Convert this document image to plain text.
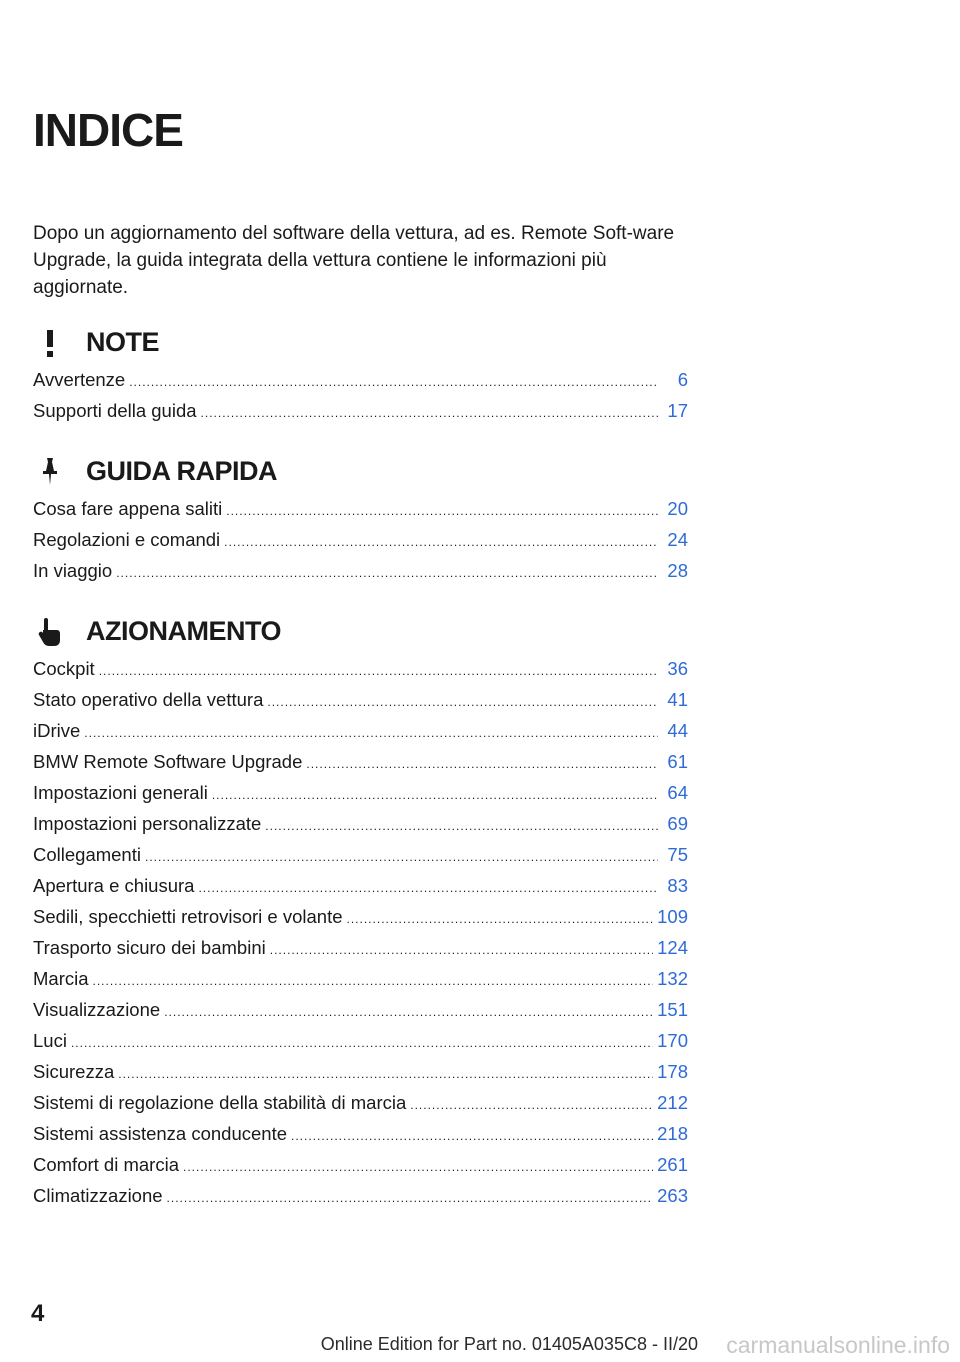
INDICE

Dopo un aggiornamento del software della vettura, ad es. Remote Soft-ware Upgrade, la guida integrata della vettura contiene le informazioni più aggiornate.

NOTE
Avvertenze .....	6
Supporti della guida .....	17
GUIDA RAPIDA
Cosa fare appena saliti .....	20
Regolazioni e comandi .....	24
In viaggio .....	28
AZIONAMENTO
Cockpit .....	36
Stato operativo della vettura .....	41
iDrive .....	44
BMW Remote Software Upgrade .....	61
Impostazioni generali .....	64
Impostazioni personalizzate .....	69
Collegamenti .....	75
Apertura e chiusura .....	83
Sedili, specchietti retrovisori e volante .....	109
Trasporto sicuro dei bambini .....	124
Marcia .....	132
Visualizzazione .....	151
Luci .....	170
Sicurezza .....	178
Sistemi di regolazione della stabilità di marcia .....	212
Sistemi assistenza conducente .....	218
Comfort di marcia .....	261
Climatizzazione .....	263

4

Online Edition for Part no. 01405A035C8 - II/20 carmanualsonline.info
